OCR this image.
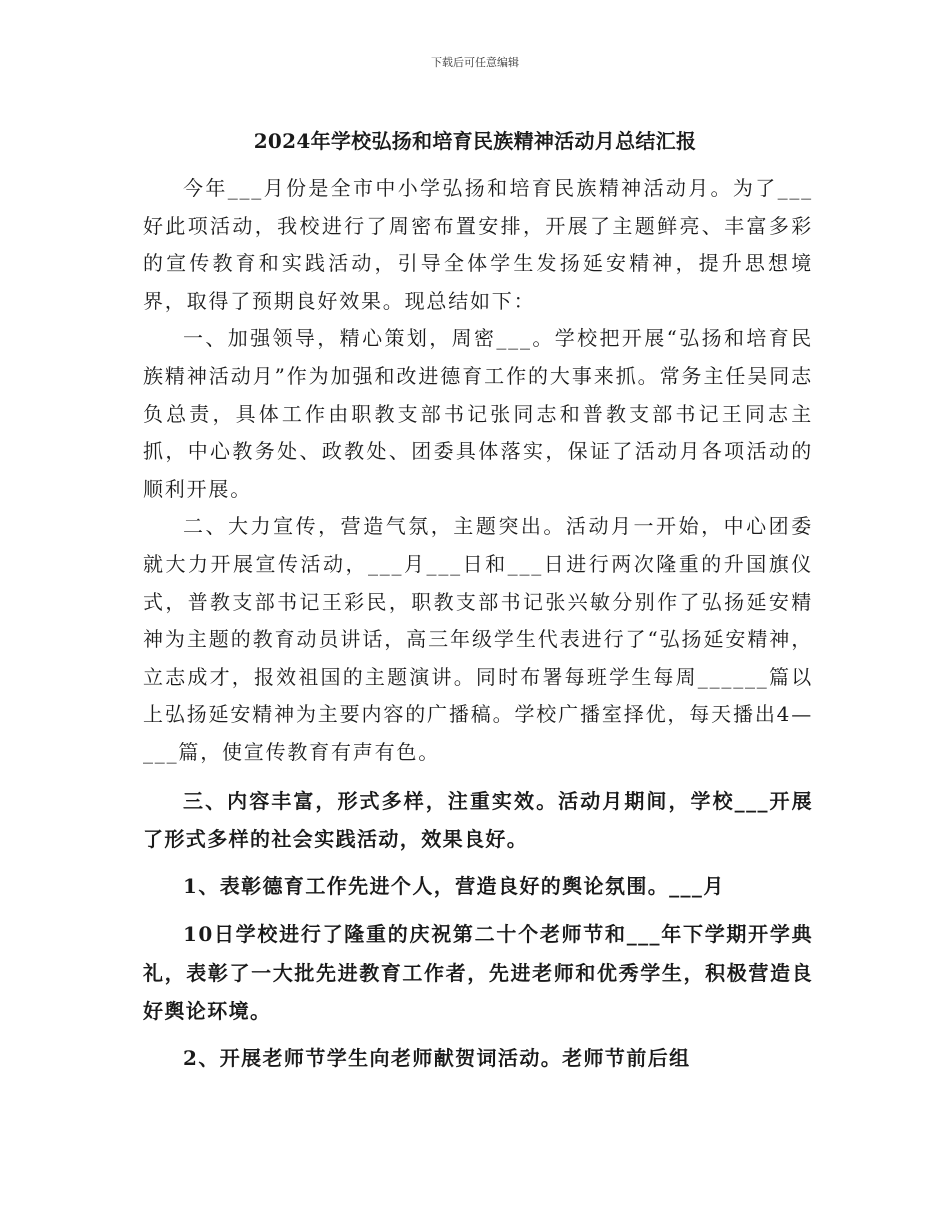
下载后可任意编辑
2024年学校弘扬和培育民族精神活动月总结汇报

今年___月份是全市中小学弘扬和培育民族精神活动月。为了___好此项活动，我校进行了周密布置安排，开展了主题鲜亮、丰富多彩的宣传教育和实践活动，引导全体学生发扬延安精神，提升思想境界，取得了预期良好效果。现总结如下：

一、加强领导，精心策划，周密___。学校把开展“弘扬和培育民族精神活动月”作为加强和改进德育工作的大事来抓。常务主任吴同志负总责，具体工作由职教支部书记张同志和普教支部书记王同志主抓，中心教务处、政教处、团委具体落实，保证了活动月各项活动的顺利开展。

二、大力宣传，营造气氛，主题突出。活动月一开始，中心团委就大力开展宣传活动，___月___日和___日进行两次隆重的升国旗仪式，普教支部书记王彩民，职教支部书记张兴敏分别作了弘扬延安精神为主题的教育动员讲话，高三年级学生代表进行了“弘扬延安精神，立志成才，报效祖国的主题演讲。同时布署每班学生每周______篇以上弘扬延安精神为主要内容的广播稿。学校广播室择优，每天播出4—___篇，使宣传教育有声有色。

三、内容丰富，形式多样，注重实效。活动月期间，学校___开展了形式多样的社会实践活动，效果良好。

1、表彰德育工作先进个人，营造良好的舆论氛围。___月

10日学校进行了隆重的庆祝第二十个老师节和___年下学期开学典礼，表彰了一大批先进教育工作者，先进老师和优秀学生，积极营造良好舆论环境。

2、开展老师节学生向老师献贺词活动。老师节前后组
